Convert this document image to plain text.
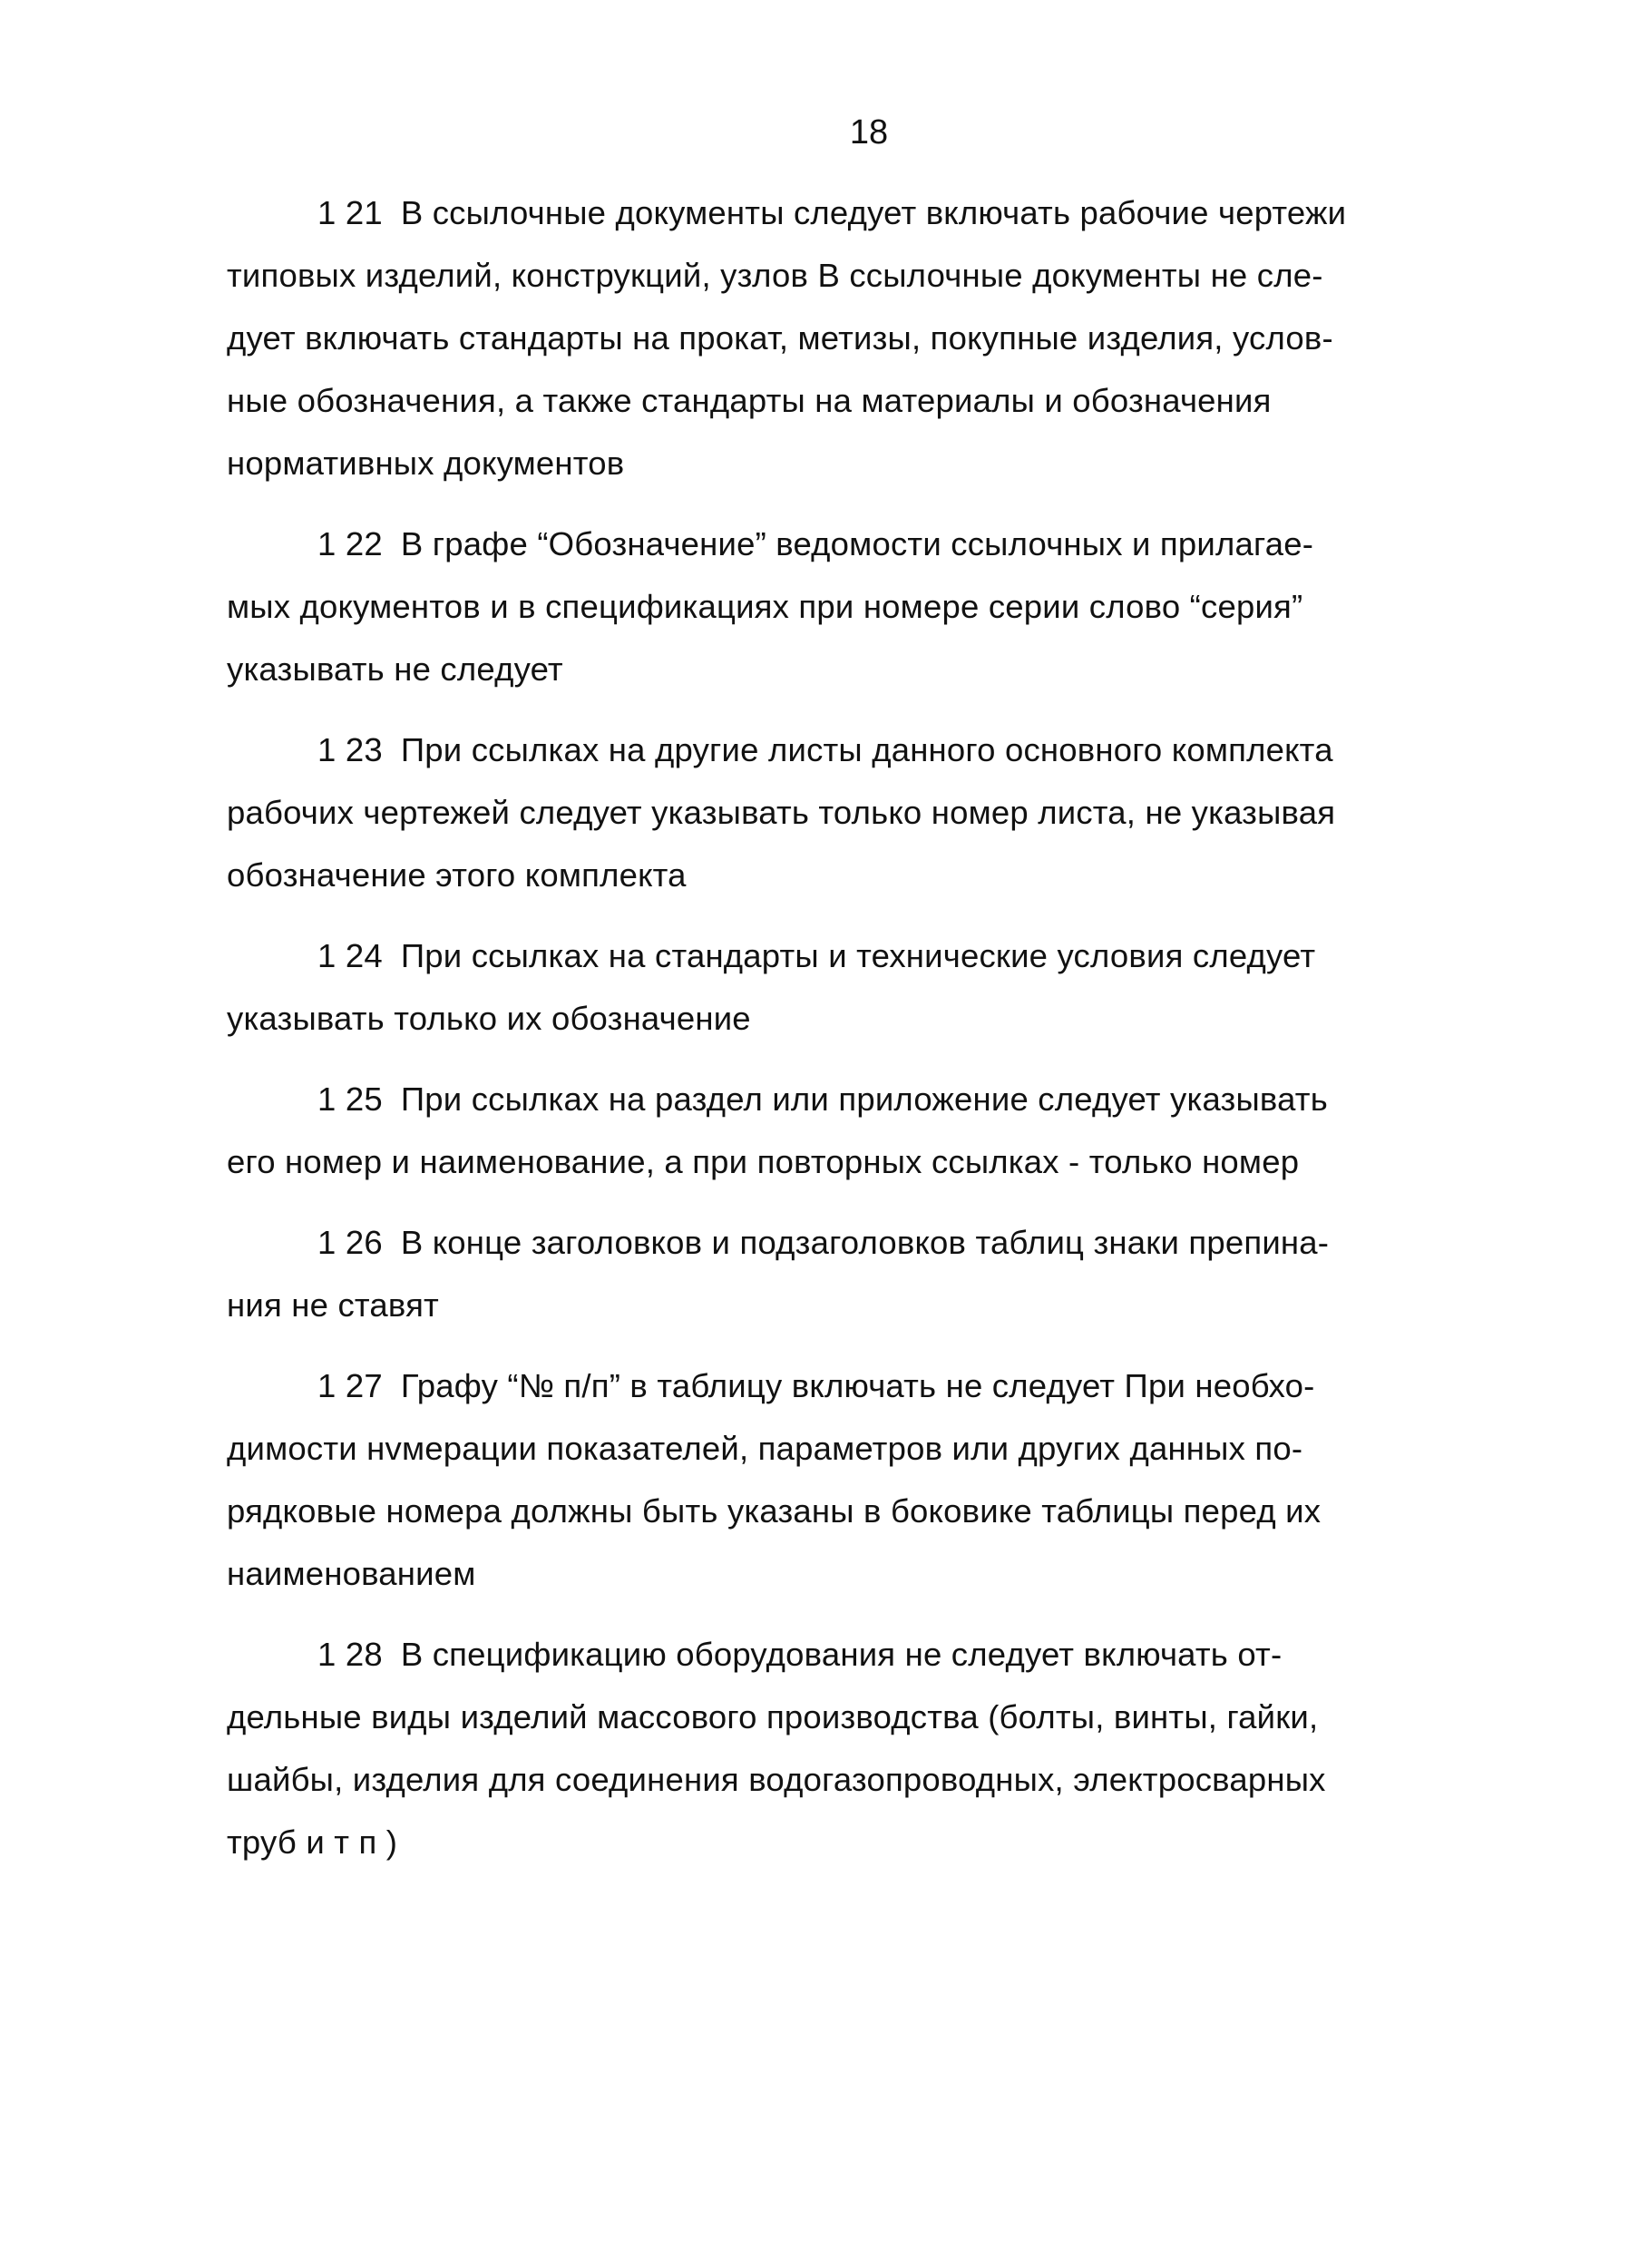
18
1 21 В ссылочные документы следует включать рабочие чертежи
типовых изделий, конструкций, узлов В ссылочные документы не сле-
дует включать стандарты на прокат, метизы, покупные изделия, услов-
ные обозначения, а также стандарты на материалы и обозначения
нормативных документов
1 22 В графе “Обозначение” ведомости ссылочных и прилагае-
мых документов и в спецификациях при номере серии слово “серия”
указывать не следует
1 23 При ссылках на другие листы данного основного комплекта
рабочих чертежей следует указывать только номер листа, не указывая
обозначение этого комплекта
1 24 При ссылках на стандарты и технические условия следует
указывать только их обозначение
1 25 При ссылках на раздел или приложение следует указывать
его номер и наименование, а при повторных ссылках - только номер
1 26 В конце заголовков и подзаголовков таблиц знаки препина-
ния не ставят
1 27 Графу “№ п/п” в таблицу включать не следует При необхо-
димости нvмерации показателей, параметров или других данных по-
рядковые номера должны быть указаны в боковике таблицы перед их
наименованием
1 28 В спецификацию оборудования не следует включать от-
дельные виды изделий массового производства (болты, винты, гайки,
шайбы, изделия для соединения водогазопроводных, электросварных
труб и т п )
